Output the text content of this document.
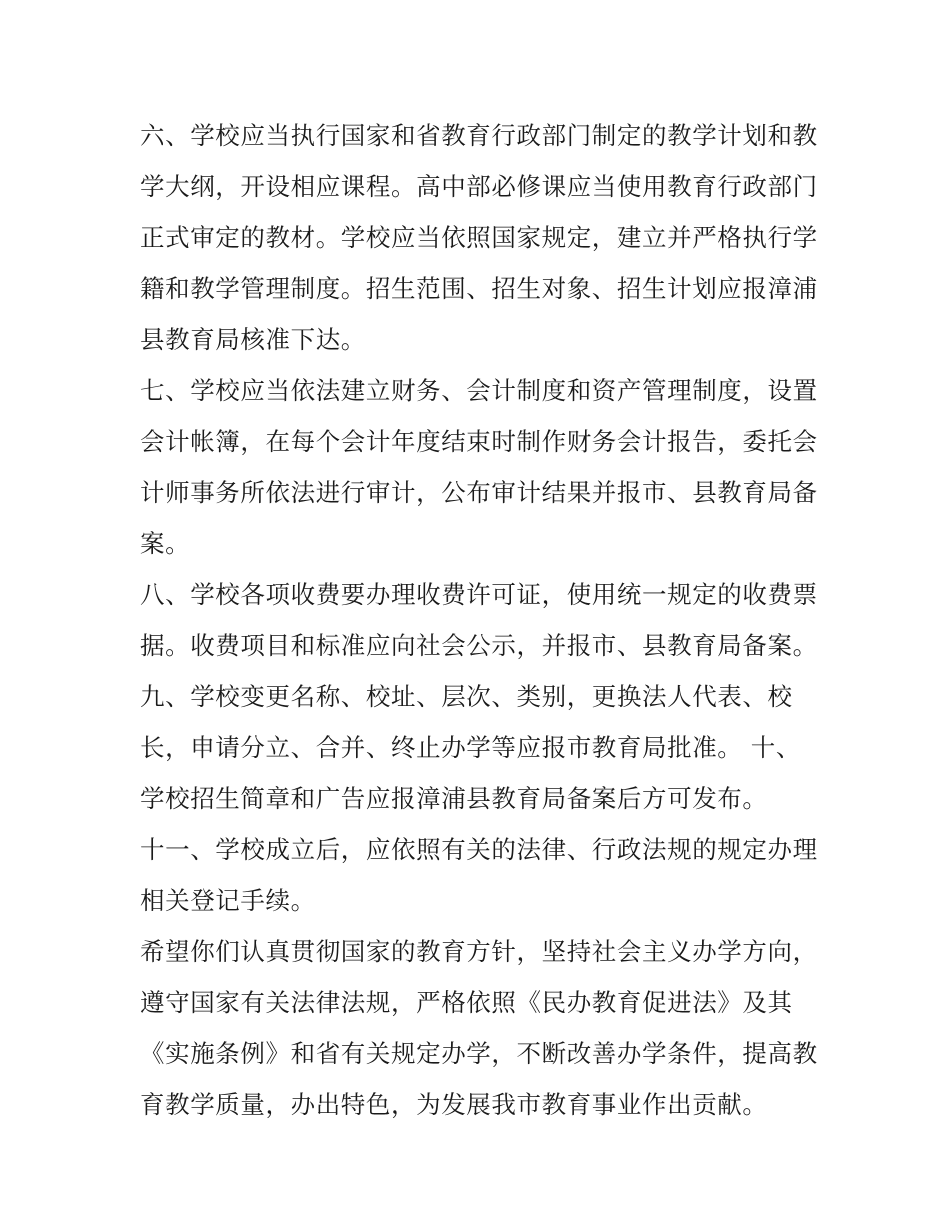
六、学校应当执行国家和省教育行政部门制定的教学计划和教
学大纲，开设相应课程。高中部必修课应当使用教育行政部门
正式审定的教材。学校应当依照国家规定，建立并严格执行学
籍和教学管理制度。招生范围、招生对象、招生计划应报漳浦
县教育局核准下达。
七、学校应当依法建立财务、会计制度和资产管理制度，设置
会计帐簿，在每个会计年度结束时制作财务会计报告，委托会
计师事务所依法进行审计，公布审计结果并报市、县教育局备
案。
八、学校各项收费要办理收费许可证，使用统一规定的收费票
据。收费项目和标准应向社会公示，并报市、县教育局备案。
九、学校变更名称、校址、层次、类别，更换法人代表、校
长，申请分立、合并、终止办学等应报市教育局批准。 十、
学校招生简章和广告应报漳浦县教育局备案后方可发布。
十一、学校成立后，应依照有关的法律、行政法规的规定办理
相关登记手续。
希望你们认真贯彻国家的教育方针，坚持社会主义办学方向，
遵守国家有关法律法规，严格依照《民办教育促进法》及其
《实施条例》和省有关规定办学，不断改善办学条件，提高教
育教学质量，办出特色，为发展我市教育事业作出贡献。
